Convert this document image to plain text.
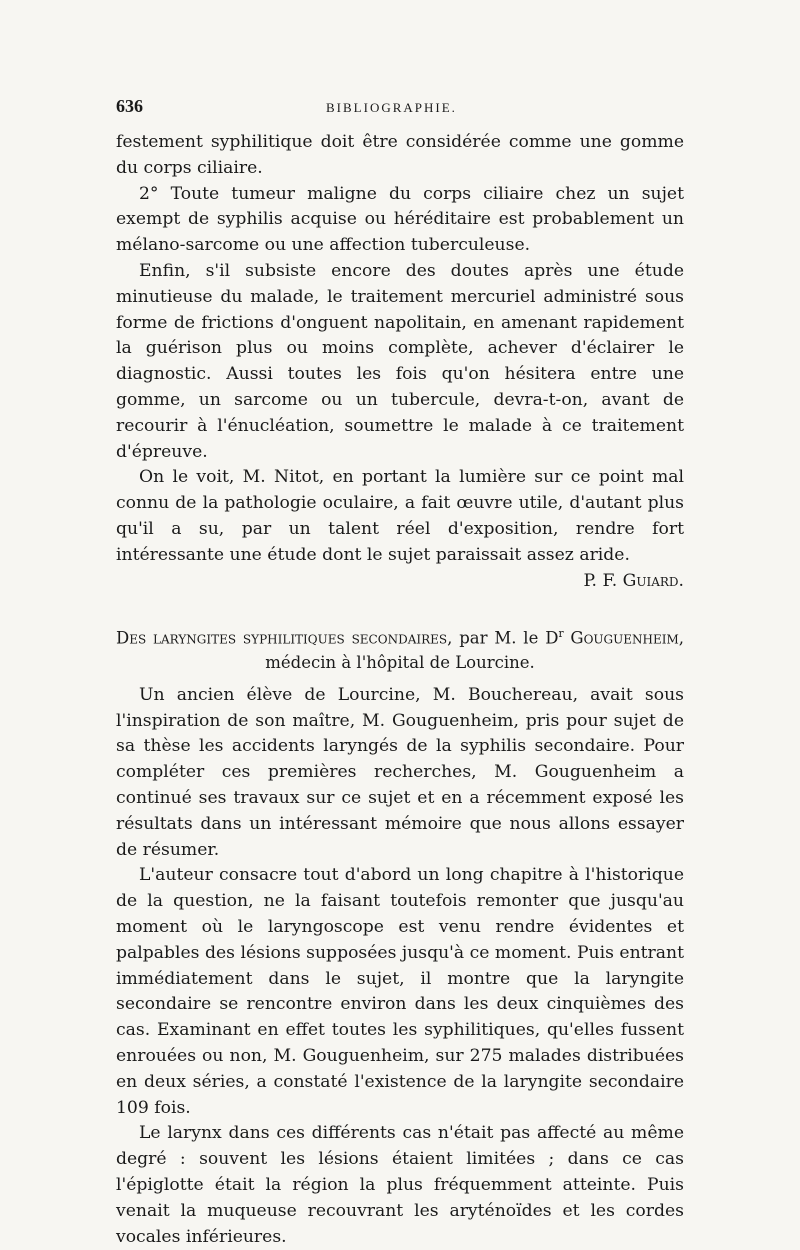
636	BIBLIOGRAPHIE.

festement syphilitique doit être considérée comme une gomme du corps ciliaire.

2° Toute tumeur maligne du corps ciliaire chez un sujet exempt de syphilis acquise ou héréditaire est probablement un mélano-sarcome ou une affection tuberculeuse.

Enfin, s'il subsiste encore des doutes après une étude minutieuse du malade, le traitement mercuriel administré sous forme de frictions d'onguent napolitain, en amenant rapidement la guérison plus ou moins complète, achever d'éclairer le diagnostic. Aussi toutes les fois qu'on hésitera entre une gomme, un sarcome ou un tubercule, devra-t-on, avant de recourir à l'énucléation, soumettre le malade à ce traitement d'épreuve.

On le voit, M. Nitot, en portant la lumière sur ce point mal connu de la pathologie oculaire, a fait œuvre utile, d'autant plus qu'il a su, par un talent réel d'exposition, rendre fort intéressante une étude dont le sujet paraissait assez aride.
P. F. Guiard.

Des laryngites syphilitiques secondaires, par M. le $D^r$ Gouguenheim,
médecin à l'hôpital de Lourcine.

Un ancien élève de Lourcine, M. Bouchereau, avait sous l'inspiration de son maître, M. Gouguenheim, pris pour sujet de sa thèse les accidents laryngés de la syphilis secondaire. Pour compléter ces premières recherches, M. Gouguenheim a continué ses travaux sur ce sujet et en a récemment exposé les résultats dans un intéressant mémoire que nous allons essayer de résumer.

L'auteur consacre tout d'abord un long chapitre à l'historique de la question, ne la faisant toutefois remonter que jusqu'au moment où le laryngoscope est venu rendre évidentes et palpables des lésions supposées jusqu'à ce moment. Puis entrant immédiatement dans le sujet, il montre que la laryngite secondaire se rencontre environ dans les deux cinquièmes des cas. Examinant en effet toutes les syphilitiques, qu'elles fussent enrouées ou non, M. Gouguenheim, sur 275 malades distribuées en deux séries, a constaté l'existence de la laryngite secondaire 109 fois.

Le larynx dans ces différents cas n'était pas affecté au même degré : souvent les lésions étaient limitées ; dans ce cas l'épiglotte était la région la plus fréquemment atteinte. Puis venait la muqueuse recouvrant les aryténoïdes et les cordes vocales inférieures.
